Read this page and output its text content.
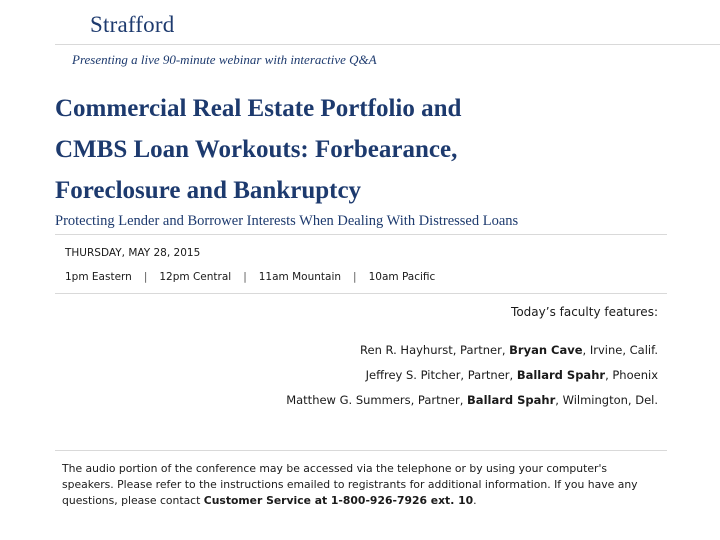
Strafford
Presenting a live 90-minute webinar with interactive Q&A
Commercial Real Estate Portfolio and
CMBS Loan Workouts: Forbearance,
Foreclosure and Bankruptcy
Protecting Lender and Borrower Interests When Dealing With Distressed Loans
THURSDAY, MAY 28, 2015
1pm Eastern | 12pm Central | 11am Mountain | 10am Pacific
Today’s faculty features:
Ren R. Hayhurst, Partner, Bryan Cave, Irvine, Calif.
Jeffrey S. Pitcher, Partner, Ballard Spahr, Phoenix
Matthew G. Summers, Partner, Ballard Spahr, Wilmington, Del.
The audio portion of the conference may be accessed via the telephone or by using your computer's speakers. Please refer to the instructions emailed to registrants for additional information. If you have any questions, please contact Customer Service at 1-800-926-7926 ext. 10.
